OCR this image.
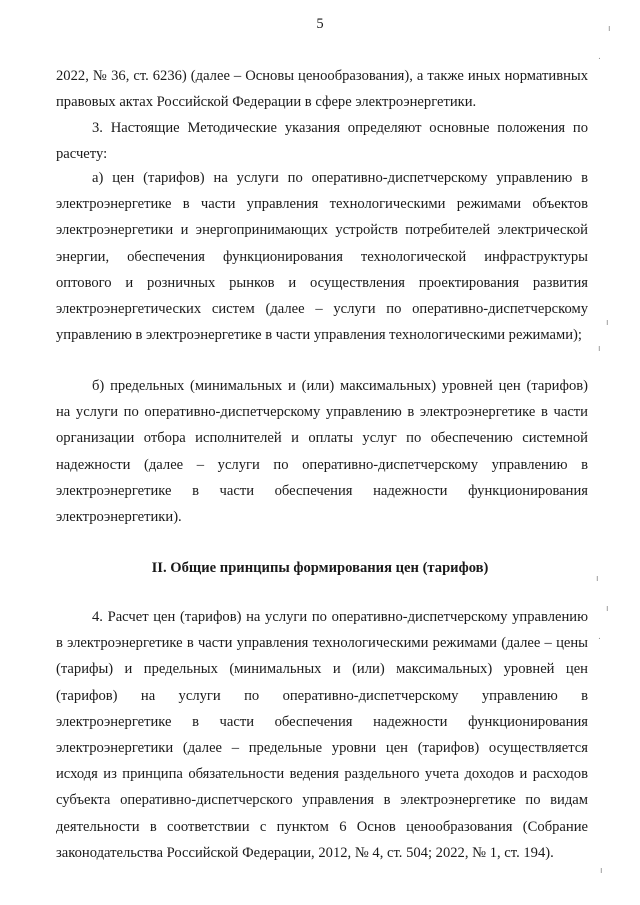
5

2022, № 36, ст. 6236) (далее – Основы ценообразования), а также иных нормативных правовых актах Российской Федерации в сфере электроэнергетики.

3. Настоящие Методические указания определяют основные положения по расчету:

а) цен (тарифов) на услуги по оперативно-диспетчерскому управлению в электроэнергетике в части управления технологическими режимами объектов электроэнергетики и энергопринимающих устройств потребителей электрической энергии, обеспечения функционирования технологической инфраструктуры оптового и розничных рынков и осуществления проектирования развития электроэнергетических систем (далее – услуги по оперативно-диспетчерскому управлению в электроэнергетике в части управления технологическими режимами);

б) предельных (минимальных и (или) максимальных) уровней цен (тарифов) на услуги по оперативно-диспетчерскому управлению в электроэнергетике в части организации отбора исполнителей и оплаты услуг по обеспечению системной надежности (далее – услуги по оперативно-диспетчерскому управлению в электроэнергетике в части обеспечения надежности функционирования электроэнергетики).

II. Общие принципы формирования цен (тарифов)

4. Расчет цен (тарифов) на услуги по оперативно-диспетчерскому управлению в электроэнергетике в части управления технологическими режимами (далее – цены (тарифы) и предельных (минимальных и (или) максимальных) уровней цен (тарифов) на услуги по оперативно-диспетчерскому управлению в электроэнергетике в части обеспечения надежности функционирования электроэнергетики (далее – предельные уровни цен (тарифов) осуществляется исходя из принципа обязательности ведения раздельного учета доходов и расходов субъекта оперативно-диспетчерского управления в электроэнергетике по видам деятельности в соответствии с пунктом 6 Основ ценообразования (Собрание законодательства Российской Федерации, 2012, № 4, ст. 504; 2022, № 1, ст. 194).

ı
.
ı
ı
ı
ı
.
ı
